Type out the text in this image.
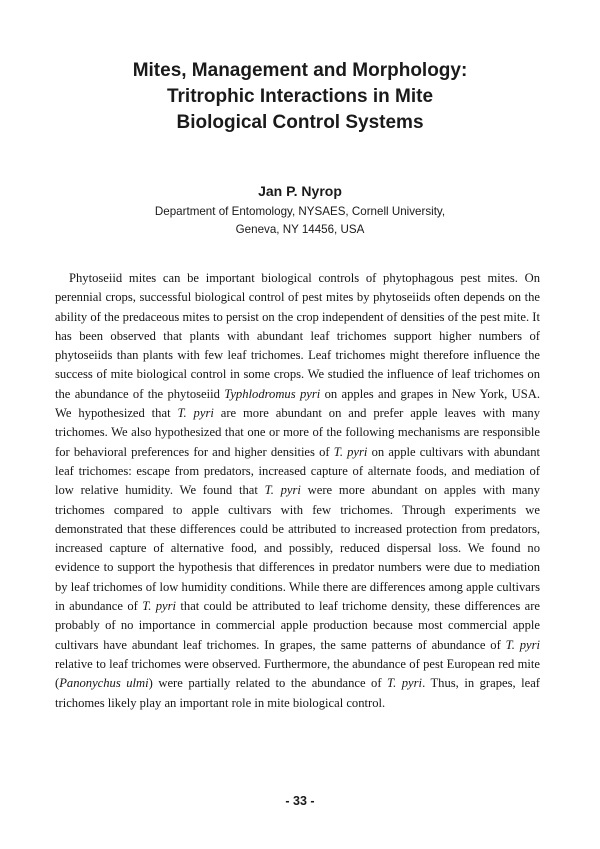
Mites, Management and Morphology:
Tritrophic Interactions in Mite
Biological Control Systems
Jan P. Nyrop
Department of Entomology, NYSAES, Cornell University,
Geneva, NY 14456, USA

Phytoseiid mites can be important biological controls of phytophagous pest mites. On perennial crops, successful biological control of pest mites by phytoseiids often depends on the ability of the predaceous mites to persist on the crop independent of densities of the pest mite. It has been observed that plants with abundant leaf trichomes support higher numbers of phytoseiids than plants with few leaf trichomes. Leaf trichomes might therefore influence the success of mite biological control in some crops. We studied the influence of leaf trichomes on the abundance of the phytoseiid Typhlodromus pyri on apples and grapes in New York, USA. We hypothesized that T. pyri are more abundant on and prefer apple leaves with many trichomes. We also hypothesized that one or more of the following mechanisms are responsible for behavioral preferences for and higher densities of T. pyri on apple cultivars with abundant leaf trichomes: escape from predators, increased capture of alternate foods, and mediation of low relative humidity. We found that T. pyri were more abundant on apples with many trichomes compared to apple cultivars with few trichomes. Through experiments we demonstrated that these differences could be attributed to increased protection from predators, increased capture of alternative food, and possibly, reduced dispersal loss. We found no evidence to support the hypothesis that differences in predator numbers were due to mediation by leaf trichomes of low humidity conditions. While there are differences among apple cultivars in abundance of T. pyri that could be attributed to leaf trichome density, these differences are probably of no importance in commercial apple production because most commercial apple cultivars have abundant leaf trichomes. In grapes, the same patterns of abundance of T. pyri relative to leaf trichomes were observed. Furthermore, the abundance of pest European red mite (Panonychus ulmi) were partially related to the abundance of T. pyri. Thus, in grapes, leaf trichomes likely play an important role in mite biological control.

- 33 -
